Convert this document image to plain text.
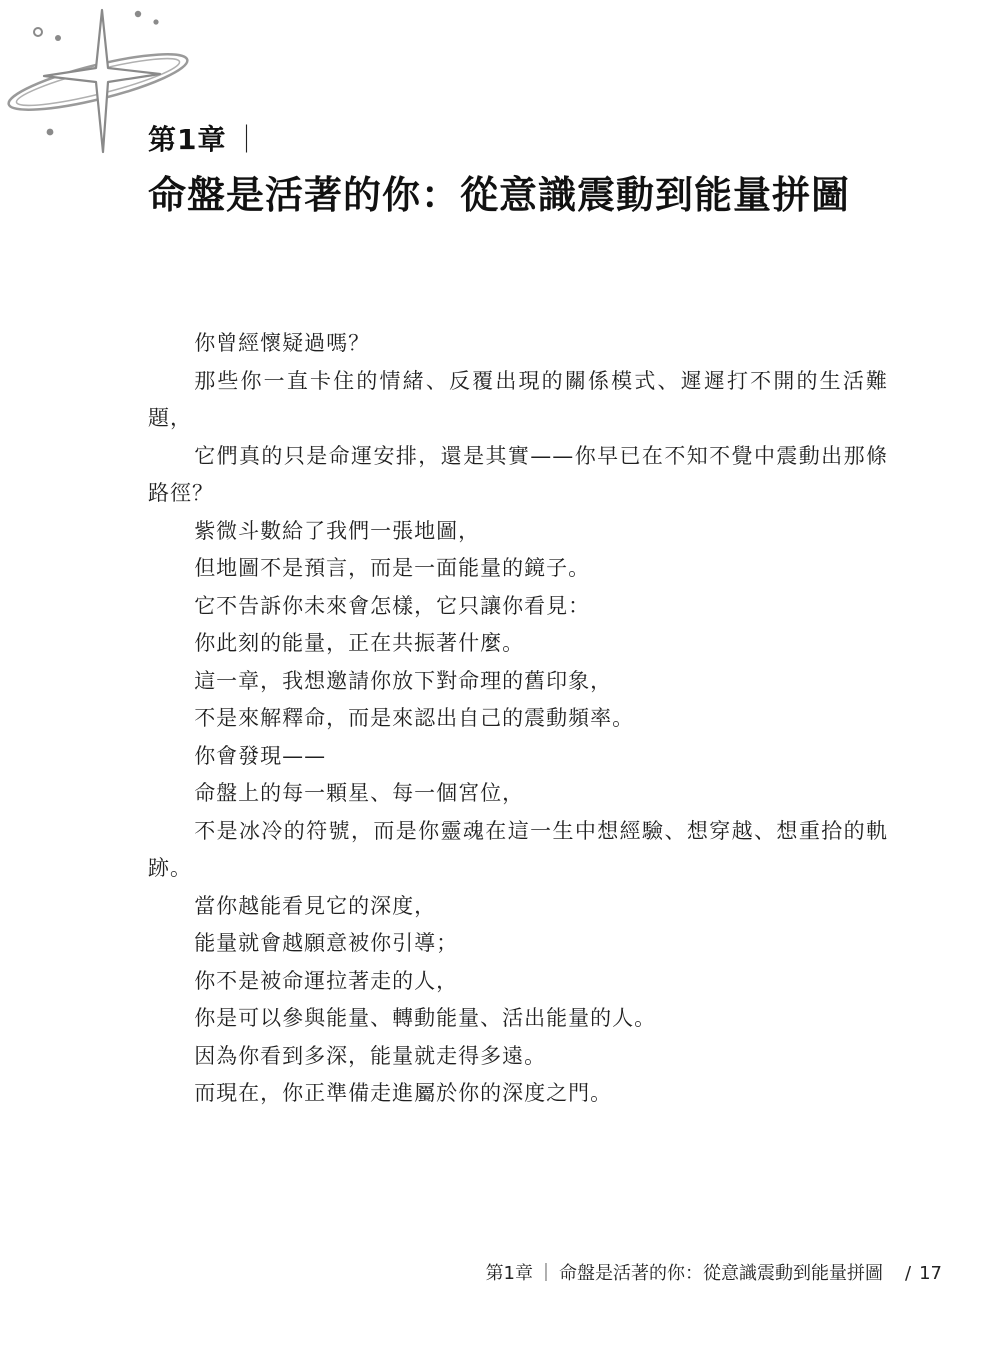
第1章 ｜
命盤是活著的你：從意識震動到能量拼圖

你曾經懷疑過嗎？

那些你一直卡住的情緒、反覆出現的關係模式、遲遲打不開的生活難題，

它們真的只是命運安排，還是其實——你早已在不知不覺中震動出那條路徑？

紫微斗數給了我們一張地圖，

但地圖不是預言，而是一面能量的鏡子。

它不告訴你未來會怎樣，它只讓你看見：

你此刻的能量，正在共振著什麼。

這一章，我想邀請你放下對命理的舊印象，

不是來解釋命，而是來認出自己的震動頻率。

你會發現——

命盤上的每一顆星、每一個宮位，

不是冰冷的符號，而是你靈魂在這一生中想經驗、想穿越、想重拾的軌跡。

當你越能看見它的深度，

能量就會越願意被你引導；

你不是被命運拉著走的人，

你是可以參與能量、轉動能量、活出能量的人。

因為你看到多深，能量就走得多遠。

而現在，你正準備走進屬於你的深度之門。

第1章 ｜ 命盤是活著的你：從意識震動到能量拼圖 / 17
